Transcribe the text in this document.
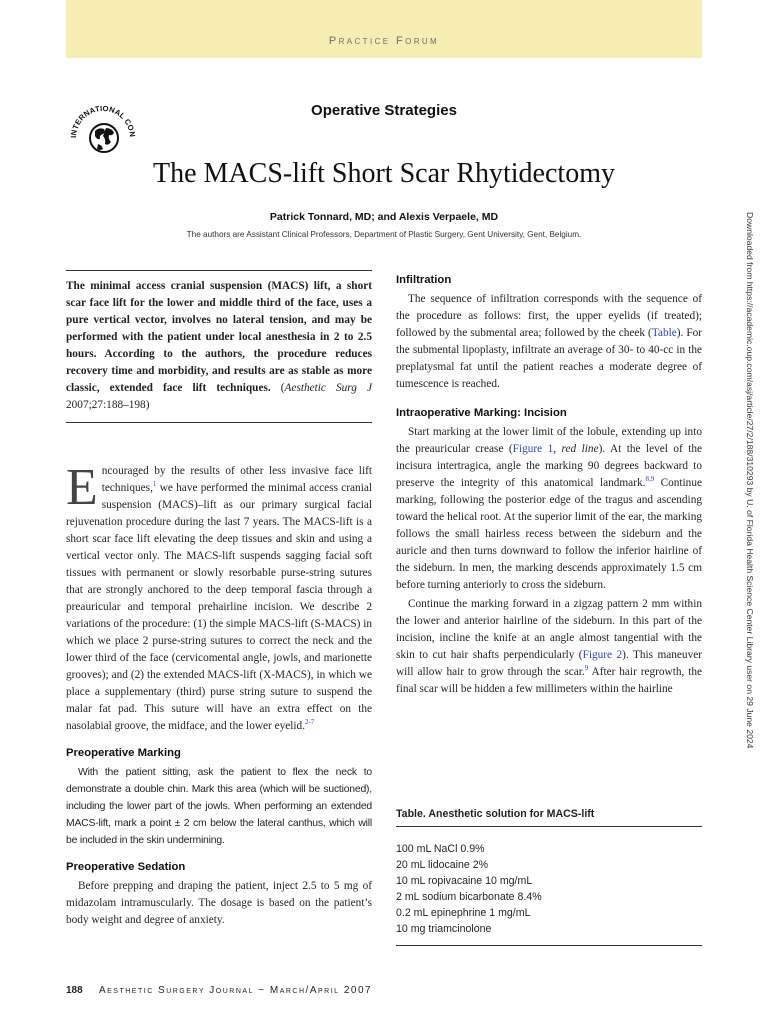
Practice Forum
INTERNATIONAL CON
Operative Strategies
The MACS-lift Short Scar Rhytidectomy
Patrick Tonnard, MD; and Alexis Verpaele, MD
The authors are Assistant Clinical Professors, Department of Plastic Surgery, Gent University, Gent, Belgium.
The minimal access cranial suspension (MACS) lift, a short scar face lift for the lower and middle third of the face, uses a pure vertical vector, involves no lateral tension, and may be performed with the patient under local anesthesia in 2 to 2.5 hours. According to the authors, the procedure reduces recovery time and morbidity, and results are as stable as more classic, extended face lift techniques. (Aesthetic Surg J 2007;27:188–198)

Encouraged by the results of other less invasive face lift techniques,$^1$ we have performed the minimal access cranial suspension (MACS)–lift as our primary surgical facial rejuvenation procedure during the last 7 years. The MACS-lift is a short scar face lift elevating the deep tissues and skin and using a vertical vector only. The MACS-lift suspends sagging facial soft tissues with permanent or slowly resorbable purse-string sutures that are strongly anchored to the deep temporal fascia through a preauricular and temporal prehairline incision. We describe 2 variations of the procedure: (1) the simple MACS-lift (S-MACS) in which we place 2 purse-string sutures to correct the neck and the lower third of the face (cervicomental angle, jowls, and marionette grooves); and (2) the extended MACS-lift (X-MACS), in which we place a supplementary (third) purse string suture to suspend the malar fat pad. This suture will have an extra effect on the nasolabial groove, the midface, and the lower eyelid.$^{2-7}$

Preoperative Marking

With the patient sitting, ask the patient to flex the neck to demonstrate a double chin. Mark this area (which will be suctioned), including the lower part of the jowls. When performing an extended MACS-lift, mark a point ± 2 cm below the lateral canthus, which will be included in the skin undermining.

Preoperative Sedation

Before prepping and draping the patient, inject 2.5 to 5 mg of midazolam intramuscularly. The dosage is based on the patient’s body weight and degree of anxiety.

Infiltration

The sequence of infiltration corresponds with the sequence of the procedure as follows: first, the upper eyelids (if treated); followed by the submental area; followed by the cheek (Table). For the submental lipoplasty, infiltrate an average of 30- to 40-cc in the preplatysmal fat until the patient reaches a moderate degree of tumescence is reached.

Intraoperative Marking: Incision

Start marking at the lower limit of the lobule, extending up into the preauricular crease (Figure 1, red line). At the level of the incisura intertragica, angle the marking 90 degrees backward to preserve the integrity of this anatomical landmark.$^{8,9}$ Continue marking, following the posterior edge of the tragus and ascending toward the helical root. At the superior limit of the ear, the marking follows the small hairless recess between the sideburn and the auricle and then turns downward to follow the inferior hairline of the sideburn. In men, the marking descends approximately 1.5 cm before turning anteriorly to cross the sideburn.

Continue the marking forward in a zigzag pattern 2 mm within the lower and anterior hairline of the sideburn. In this part of the incision, incline the knife at an angle almost tangential with the skin to cut hair shafts perpendicularly (Figure 2). This maneuver will allow hair to grow through the scar.$^9$ After hair regrowth, the final scar will be hidden a few millimeters within the hairline

Table. Anesthetic solution for MACS-lift
100 mL NaCl 0.9%
20 mL lidocaine 2%
10 mL ropivacaine 10 mg/mL
2 mL sodium bicarbonate 8.4%
0.2 mL epinephrine 1 mg/mL
10 mg triamcinolone
188 Aesthetic Surgery Journal ~ March/April 2007
Downloaded from https://academic.oup.com/asj/article/27/2/188/310293 by U. of Florida Health Science Center Library user on 29 June 2024
